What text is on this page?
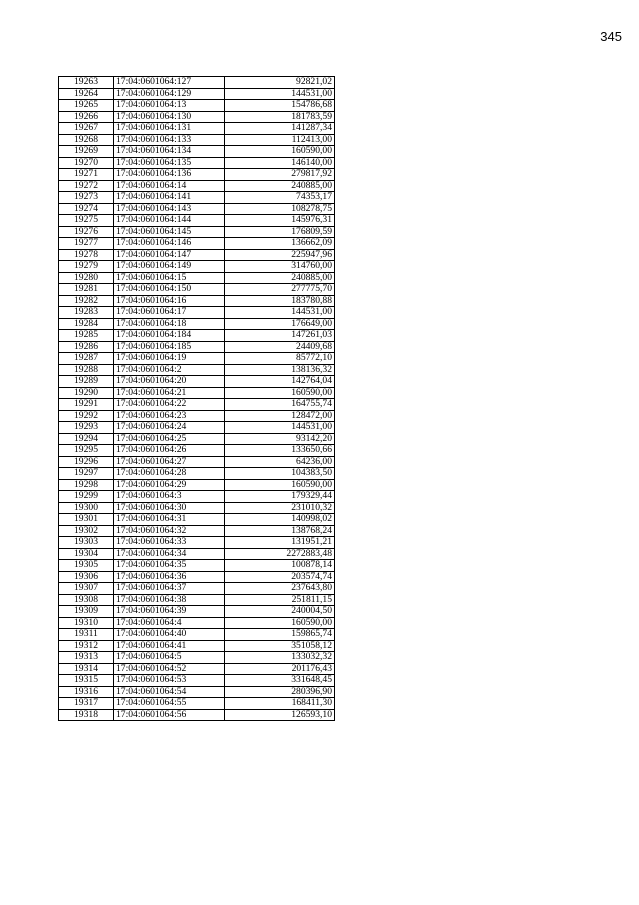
345
19263	17:04:0601064:127	92821,02
19264	17:04:0601064:129	144531,00
19265	17:04:0601064:13	154786,68
19266	17:04:0601064:130	181783,59
19267	17:04:0601064:131	141287,34
19268	17:04:0601064:133	112413,00
19269	17:04:0601064:134	160590,00
19270	17:04:0601064:135	146140,00
19271	17:04:0601064:136	279817,92
19272	17:04:0601064:14	240885,00
19273	17:04:0601064:141	74353,17
19274	17:04:0601064:143	108278,75
19275	17:04:0601064:144	145976,31
19276	17:04:0601064:145	176809,59
19277	17:04:0601064:146	136662,09
19278	17:04:0601064:147	225947,96
19279	17:04:0601064:149	314760,00
19280	17:04:0601064:15	240885,00
19281	17:04:0601064:150	277775,70
19282	17:04:0601064:16	183780,88
19283	17:04:0601064:17	144531,00
19284	17:04:0601064:18	176649,00
19285	17:04:0601064:184	147261,03
19286	17:04:0601064:185	24409,68
19287	17:04:0601064:19	85772,10
19288	17:04:0601064:2	138136,32
19289	17:04:0601064:20	142764,04
19290	17:04:0601064:21	160590,00
19291	17:04:0601064:22	164755,74
19292	17:04:0601064:23	128472,00
19293	17:04:0601064:24	144531,00
19294	17:04:0601064:25	93142,20
19295	17:04:0601064:26	133650,66
19296	17:04:0601064:27	64236,00
19297	17:04:0601064:28	104383,50
19298	17:04:0601064:29	160590,00
19299	17:04:0601064:3	179329,44
19300	17:04:0601064:30	231010,32
19301	17:04:0601064:31	140998,02
19302	17:04:0601064:32	138768,24
19303	17:04:0601064:33	131951,21
19304	17:04:0601064:34	2272883,48
19305	17:04:0601064:35	100878,14
19306	17:04:0601064:36	203574,74
19307	17:04:0601064:37	237643,80
19308	17:04:0601064:38	251811,15
19309	17:04:0601064:39	240004,50
19310	17:04:0601064:4	160590,00
19311	17:04:0601064:40	159865,74
19312	17:04:0601064:41	351058,12
19313	17:04:0601064:5	133032,32
19314	17:04:0601064:52	201176,43
19315	17:04:0601064:53	331648,45
19316	17:04:0601064:54	280396,90
19317	17:04:0601064:55	168411,30
19318	17:04:0601064:56	126593,10
